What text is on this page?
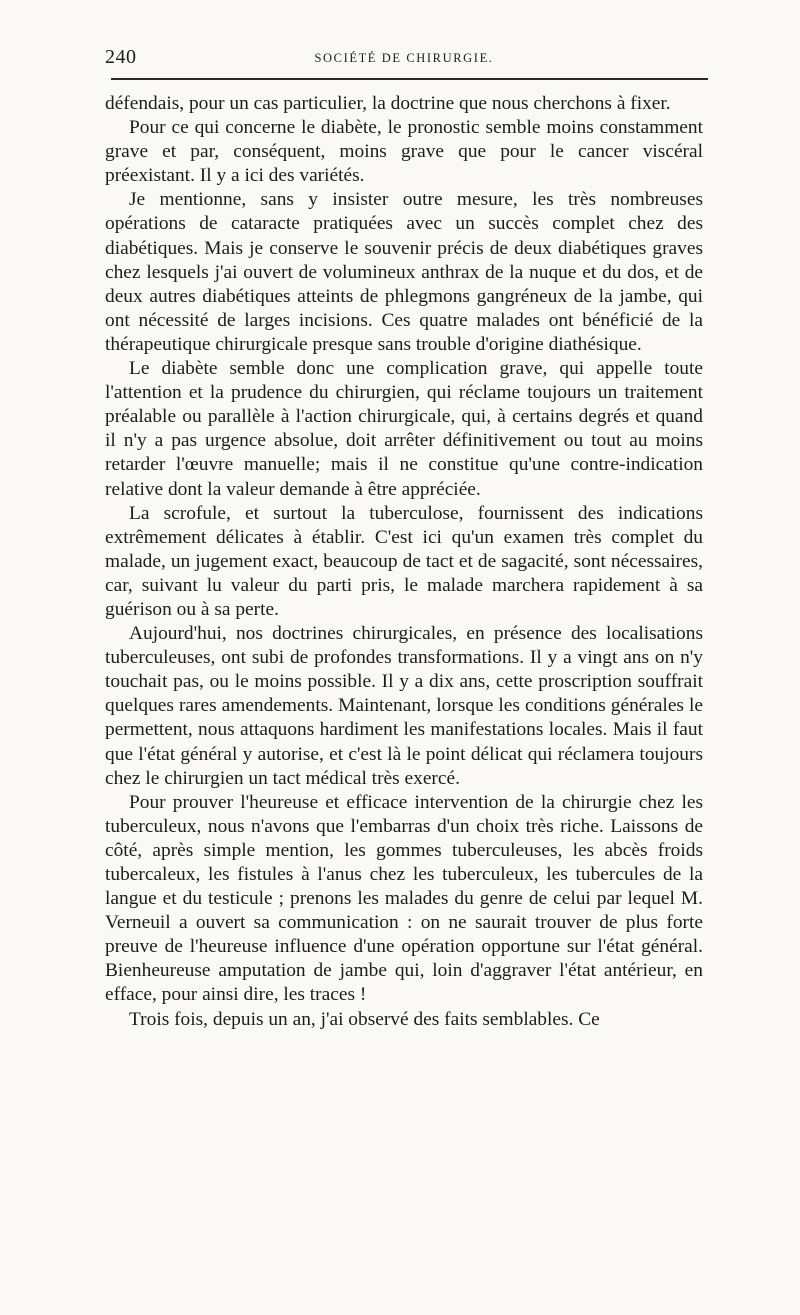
240	SOCIÉTÉ DE CHIRURGIE.

défendais, pour un cas particulier, la doctrine que nous cherchons à fixer.

Pour ce qui concerne le diabète, le pronostic semble moins constamment grave et par, conséquent, moins grave que pour le cancer viscéral préexistant. Il y a ici des variétés.

Je mentionne, sans y insister outre mesure, les très nombreuses opérations de cataracte pratiquées avec un succès complet chez des diabétiques. Mais je conserve le souvenir précis de deux diabétiques graves chez lesquels j'ai ouvert de volumineux anthrax de la nuque et du dos, et de deux autres diabétiques atteints de phlegmons gangréneux de la jambe, qui ont nécessité de larges incisions. Ces quatre malades ont bénéficié de la thérapeutique chirurgicale presque sans trouble d'origine diathésique.

Le diabète semble donc une complication grave, qui appelle toute l'attention et la prudence du chirurgien, qui réclame toujours un traitement préalable ou parallèle à l'action chirurgicale, qui, à certains degrés et quand il n'y a pas urgence absolue, doit arrêter définitivement ou tout au moins retarder l'œuvre manuelle; mais il ne constitue qu'une contre-indication relative dont la valeur demande à être appréciée.

La scrofule, et surtout la tuberculose, fournissent des indications extrêmement délicates à établir. C'est ici qu'un examen très complet du malade, un jugement exact, beaucoup de tact et de sagacité, sont nécessaires, car, suivant lu valeur du parti pris, le malade marchera rapidement à sa guérison ou à sa perte.

Aujourd'hui, nos doctrines chirurgicales, en présence des localisations tuberculeuses, ont subi de profondes transformations. Il y a vingt ans on n'y touchait pas, ou le moins possible. Il y a dix ans, cette proscription souffrait quelques rares amendements. Maintenant, lorsque les conditions générales le permettent, nous attaquons hardiment les manifestations locales. Mais il faut que l'état général y autorise, et c'est là le point délicat qui réclamera toujours chez le chirurgien un tact médical très exercé.

Pour prouver l'heureuse et efficace intervention de la chirurgie chez les tuberculeux, nous n'avons que l'embarras d'un choix très riche. Laissons de côté, après simple mention, les gommes tuberculeuses, les abcès froids tubercaleux, les fistules à l'anus chez les tuberculeux, les tubercules de la langue et du testicule ; prenons les malades du genre de celui par lequel M. Verneuil a ouvert sa communication : on ne saurait trouver de plus forte preuve de l'heureuse influence d'une opération opportune sur l'état général. Bienheureuse amputation de jambe qui, loin d'aggraver l'état antérieur, en efface, pour ainsi dire, les traces !

Trois fois, depuis un an, j'ai observé des faits semblables. Ce
